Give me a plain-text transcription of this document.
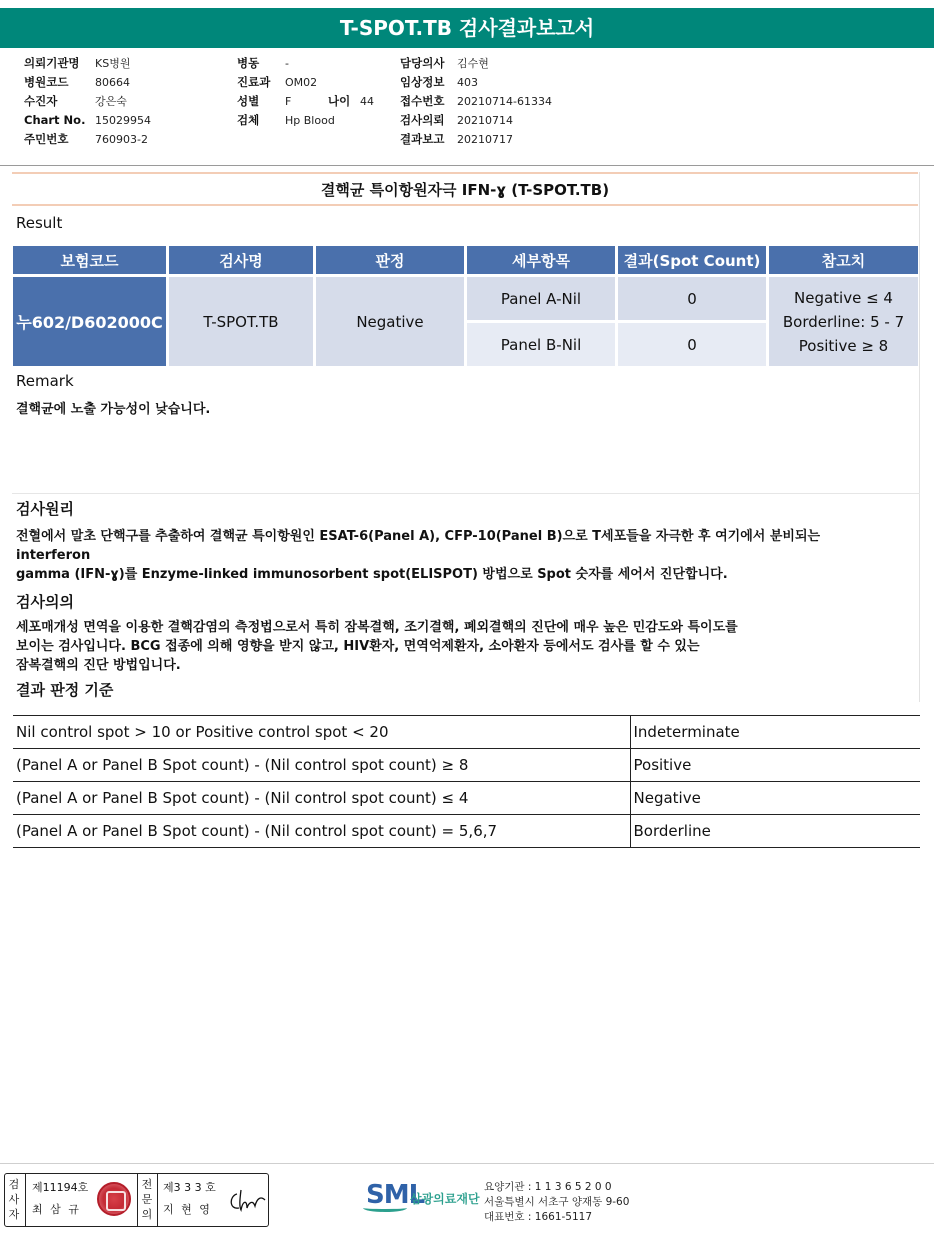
T-SPOT.TB 검사결과보고서
의뢰기관명 KS병원
병원코드 80664
수진자	강은숙
Chart No. 15029954
주민번호 760903-2
병동 -
진료과 OM02
성별 F	나이 44
검체 Hp Blood
담당의사 김수현
임상정보 403
접수번호 20210714-61334
검사의뢰 20210714
결과보고 20210717
결핵균 특이항원자극 IFN-ɣ (T-SPOT.TB)
Result
보험코드	검사명	판정	세부항목	결과(Spot Count)	참고치
누602/D602000C	T-SPOT.TB	Negative	Panel A-Nil	0	Negative ≤ 4
Borderline: 5 - 7
Positive ≥ 8

			Panel B-Nil	0	
Remark
결핵균에 노출 가능성이 낮습니다.
검사원리
전혈에서 말초 단핵구를 추출하여 결핵균 특이항원인 ESAT-6(Panel A), CFP-10(Panel B)으로 T세포들을 자극한 후 여기에서 분비되는
interferon
gamma (IFN-ɣ)를 Enzyme-linked immunosorbent spot(ELISPOT) 방법으로 Spot 숫자를 세어서 진단합니다.
검사의의
세포매개성 면역을 이용한 결핵감염의 측정법으로서 특히 잠복결핵, 조기결핵, 폐외결핵의 진단에 매우 높은 민감도와 특이도를
보이는 검사입니다. BCG 접종에 의해 영향을 받지 않고, HIV환자, 면역억제환자, 소아환자 등에서도 검사를 할 수 있는
잠복결핵의 진단 방법입니다.
결과 판정 기준
Nil control spot > 10 or Positive control spot < 20	Indeterminate
(Panel A or Panel B Spot count) - (Nil control spot count) ≥ 8	Positive
(Panel A or Panel B Spot count) - (Nil control spot count) ≤ 4	Negative
(Panel A or Panel B Spot count) - (Nil control spot count) = 5,6,7	Borderline
검사자
제11194호
최 삼 규
전문의
제3 3 3 호
지 현 영	SML
삼광의료재단
요양기관 : 1 1 3 6 5 2 0 0
서울특별시 서초구 양재동 9-60
대표번호 : 1661-5117
